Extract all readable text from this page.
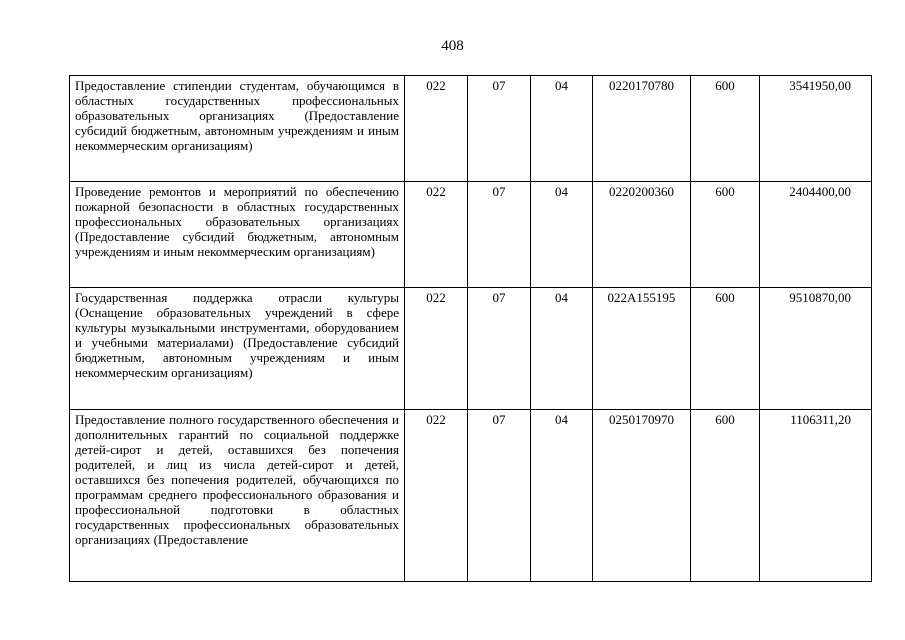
408
Предоставление стипендии студентам, обучающимся в областных государственных профессиональных образовательных организациях (Предоставление субсидий бюджетным, автономным учреждениям и иным некоммерческим организациям)	022	07	04	0220170780	600	3541950,00
Проведение ремонтов и мероприятий по обеспечению пожарной безопасности в областных государственных профессиональных образовательных организациях (Предоставление субсидий бюджетным, автономным учреждениям и иным некоммерческим организациям)	022	07	04	0220200360	600	2404400,00
Государственная поддержка отрасли культуры (Оснащение образовательных учреждений в сфере культуры музыкальными инструментами, оборудованием и учебными материалами) (Предоставление субсидий бюджетным, автономным учреждениям и иным некоммерческим организациям)	022	07	04	022А155195	600	9510870,00
Предоставление полного государственного обеспечения и дополнительных гарантий по социальной поддержке детей-сирот и детей, оставшихся без попечения родителей, и лиц из числа детей-сирот и детей, оставшихся без попечения родителей, обучающихся по программам среднего профессионального образования и профессиональной подготовки в областных государственных профессиональных образовательных организациях (Предоставление	022	07	04	0250170970	600	1106311,20
